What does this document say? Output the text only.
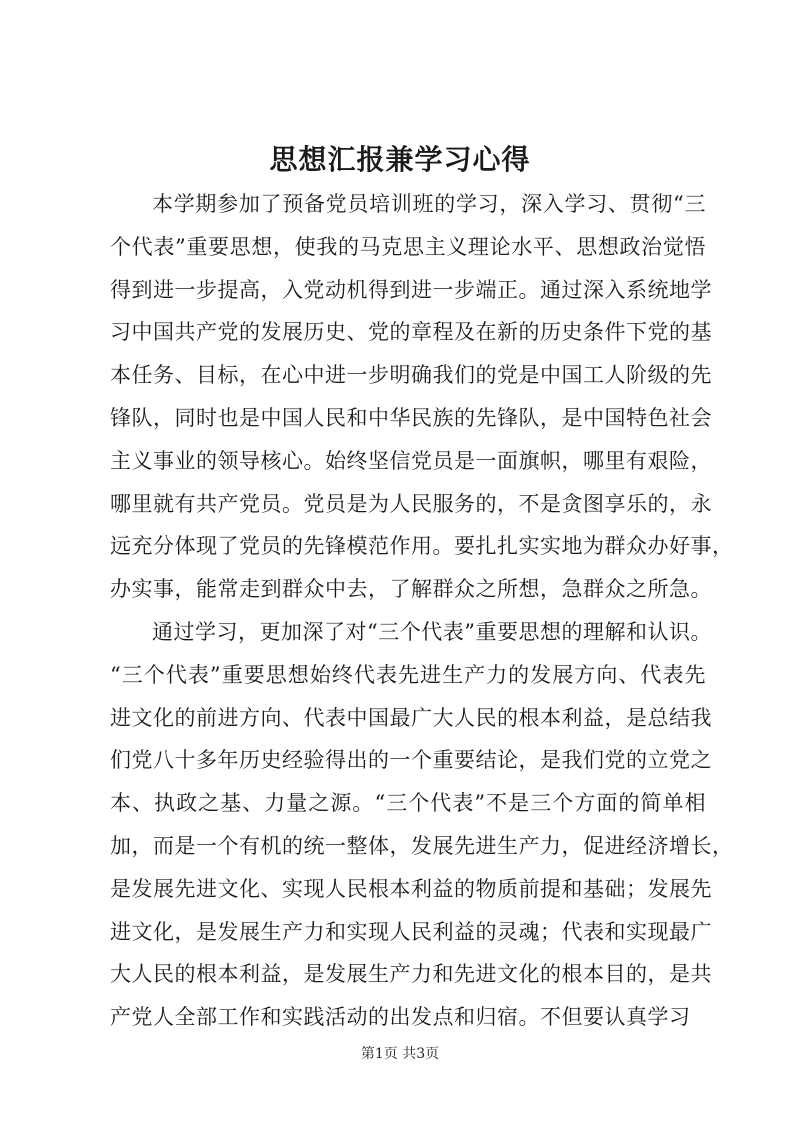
思想汇报兼学习心得
本学期参加了预备党员培训班的学习，深入学习、贯彻“三
个代表”重要思想，使我的马克思主义理论水平、思想政治觉悟
得到进一步提高，入党动机得到进一步端正。通过深入系统地学
习中国共产党的发展历史、党的章程及在新的历史条件下党的基
本任务、目标，在心中进一步明确我们的党是中国工人阶级的先
锋队，同时也是中国人民和中华民族的先锋队，是中国特色社会
主义事业的领导核心。始终坚信党员是一面旗帜，哪里有艰险，
哪里就有共产党员。党员是为人民服务的，不是贪图享乐的，永
远充分体现了党员的先锋模范作用。要扎扎实实地为群众办好事，
办实事，能常走到群众中去，了解群众之所想，急群众之所急。
通过学习，更加深了对“三个代表”重要思想的理解和认识。
“三个代表”重要思想始终代表先进生产力的发展方向、代表先
进文化的前进方向、代表中国最广大人民的根本利益，是总结我
们党八十多年历史经验得出的一个重要结论，是我们党的立党之
本、执政之基、力量之源。“三个代表”不是三个方面的简单相
加，而是一个有机的统一整体，发展先进生产力，促进经济增长，
是发展先进文化、实现人民根本利益的物质前提和基础；发展先
进文化，是发展生产力和实现人民利益的灵魂；代表和实现最广
大人民的根本利益，是发展生产力和先进文化的根本目的，是共
产党人全部工作和实践活动的出发点和归宿。不但要认真学习
第1页 共3页
